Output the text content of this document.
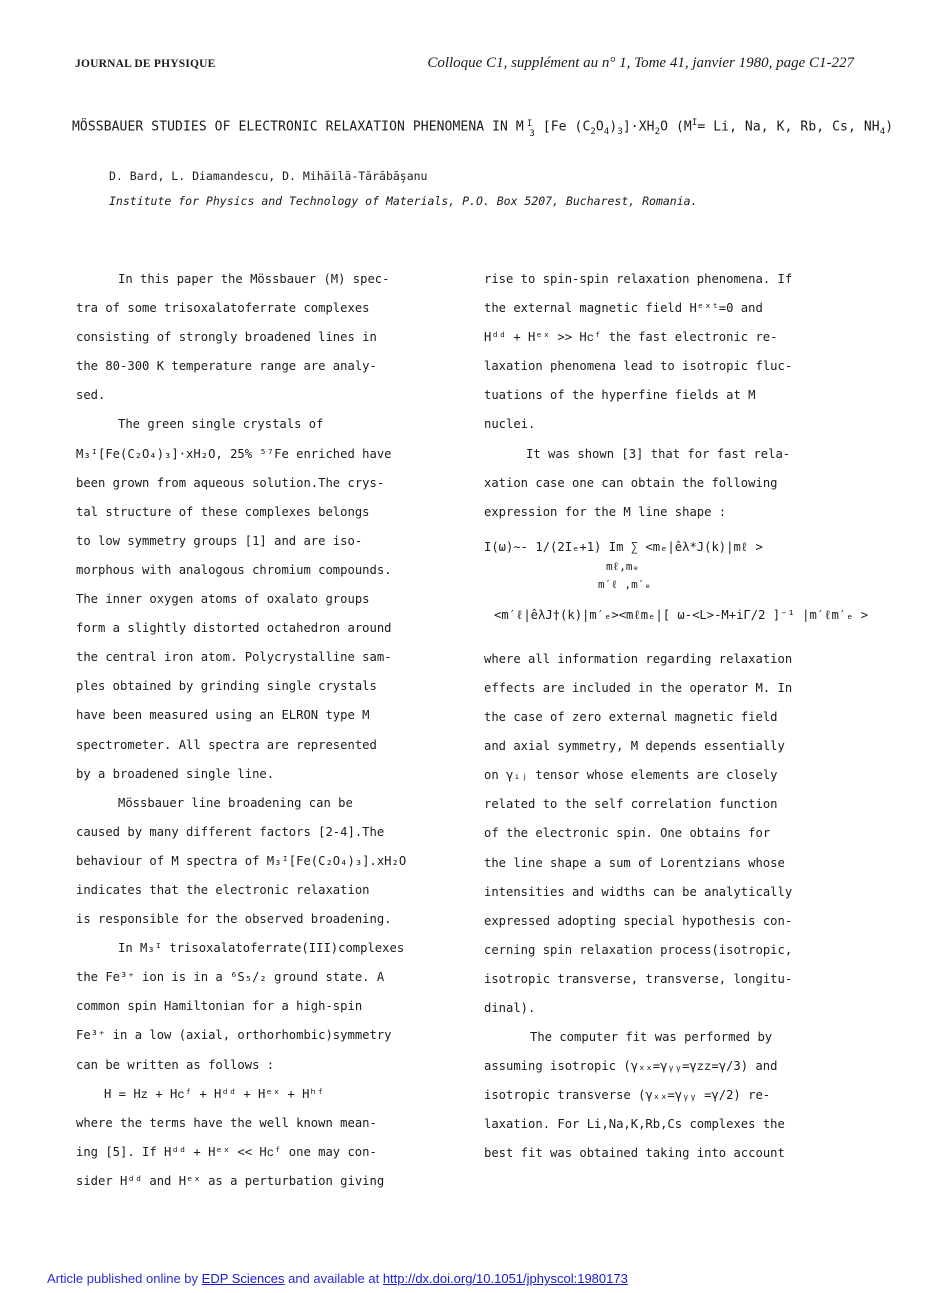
JOURNAL DE PHYSIQUE	Colloque C1, supplément au n° 1, Tome 41, janvier 1980, page C1-227
MÖSSBAUER STUDIES OF ELECTRONIC RELAXATION PHENOMENA IN M $_{I3}$ [Fe $(C_2O_4)_3]\cdot XH_2O$ ($M^I= Li$, Na, K, Rb, Cs, $NH_4$)
D. Bard, L. Diamandescu, D. Mihăilă-Tărăbăşanu
Institute for Physics and Technology of Materials, P.O. Box 5207, Bucharest, Romania.
In this paper the Mössbauer (M) spec-
tra of some trisoxalatoferrate complexes
consisting of strongly broadened lines in
the 80-300 K temperature range are analy-
sed.
The green single crystals of
M₃ᴵ[Fe(C₂O₄)₃]·xH₂O, 25% ⁵⁷Fe enriched have
been grown from aqueous solution.The crys-
tal structure of these complexes belongs
to low symmetry groups [1] and are iso-
morphous with analogous chromium compounds.
The inner oxygen atoms of oxalato groups
form a slightly distorted octahedron around
the central iron atom. Polycrystalline sam-
ples obtained by grinding single crystals
have been measured using an ELRON type M
spectrometer. All spectra are represented
by a broadened single line.
Mössbauer line broadening can be
caused by many different factors [2-4].The
behaviour of M spectra of M₃ᴵ[Fe(C₂O₄)₃].xH₂O
indicates that the electronic relaxation
is responsible for the observed broadening.
In M₃ᴵ trisoxalatoferrate(III)complexes
the Fe³⁺ ion is in a ⁶S₅/₂ ground state. A
common spin Hamiltonian for a high-spin
Fe³⁺ in a low (axial, orthorhombic)symmetry
can be written as follows :
H = Hᴢ + Hᴄᶠ + Hᵈᵈ + Hᵉˣ + Hʰᶠ
where the terms have the well known mean-
ing [5]. If Hᵈᵈ + Hᵉˣ << Hᴄᶠ one may con-
sider Hᵈᵈ and Hᵉˣ as a perturbation giving
rise to spin-spin relaxation phenomena. If
the external magnetic field Hᵉˣᵗ=0 and
Hᵈᵈ + Hᵉˣ >> Hᴄᶠ the fast electronic re-
laxation phenomena lead to isotropic fluc-
tuations of the hyperfine fields at M
nuclei.
It was shown [3] that for fast rela-
xation case one can obtain the following
expression for the M line shape :
I(ω)∼- 1/(2Iₑ+1) Im ∑ <mₑ|êλ*J(k)|mℓ >
mℓ,mₑ
m′ℓ ,m′ₑ
<m′ℓ|êλJ†(k)|m′ₑ><mℓmₑ|[ ω-<L>-M+iΓ/2 ]⁻¹ |m′ℓm′ₑ >
where all information regarding relaxation
effects are included in the operator M. In
the case of zero external magnetic field
and axial symmetry, M depends essentially
on γᵢⱼ tensor whose elements are closely
related to the self correlation function
of the electronic spin. One obtains for
the line shape a sum of Lorentzians whose
intensities and widths can be analytically
expressed adopting special hypothesis con-
cerning spin relaxation process(isotropic,
isotropic transverse, transverse, longitu-
dinal).
The computer fit was performed by
assuming isotropic (γₓₓ=γᵧᵧ=γᴢᴢ=γ/3) and
isotropic transverse (γₓₓ=γᵧᵧ =γ/2) re-
laxation. For Li,Na,K,Rb,Cs complexes the
best fit was obtained taking into account
Article published online by EDP Sciences and available at http://dx.doi.org/10.1051/jphyscol:1980173
